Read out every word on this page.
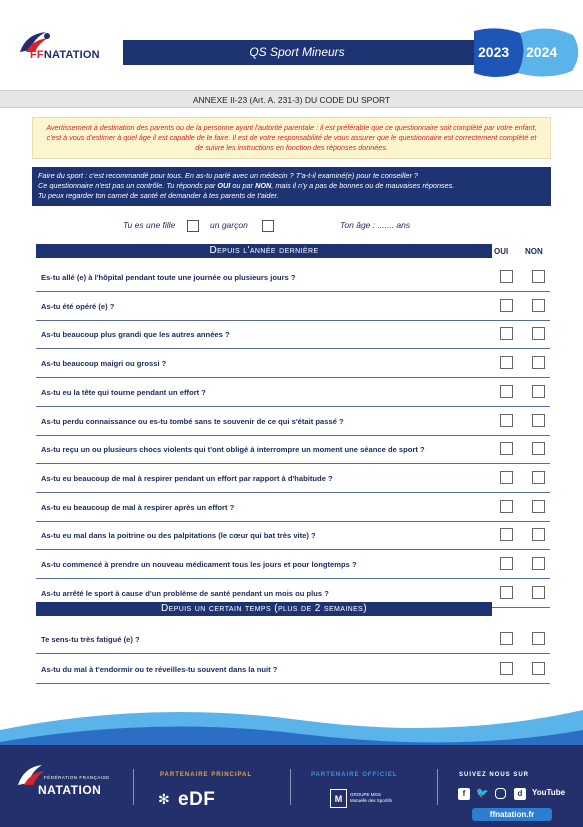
FFNATATION	QS Sport Mineurs	2023 2024
ANNEXE II-23 (Art. A. 231-3) DU CODE DU SPORT
Avertissement à destination des parents ou de la personne ayant l'autorité parentale : il est préférable que ce questionnaire soit complété par votre enfant, c'est à vous d'estimer à quel âge il est capable de le faire. Il est de votre responsabilité de vous assurer que le questionnaire est correctement complété et de suivre les instructions en fonction des réponses données.

Faire du sport : c'est recommandé pour tous. En as-tu parlé avec un médecin ? T'a-t-il examiné(e) pour te conseiller ?

Ce questionnaire n'est pas un contrôle. Tu réponds par OUI ou par NON, mais il n'y a pas de bonnes ou de mauvaises réponses.

Tu peux regarder ton carnet de santé et demander à tes parents de t'aider.

Tu es une fille	un garçon	Ton âge : ....... ans
Depuis l'année dernière	OUI NON
Es-tu allé (e) à l'hôpital pendant toute une journée ou plusieurs jours ?
As-tu été opéré (e) ?
As-tu beaucoup plus grandi que les autres années ?
As-tu beaucoup maigri ou grossi ?
As-tu eu la tête qui tourne pendant un effort ?
As-tu perdu connaissance ou es-tu tombé sans te souvenir de ce qui s'était passé ?
As-tu reçu un ou plusieurs chocs violents qui t'ont obligé à interrompre un moment une séance de sport ?
As-tu eu beaucoup de mal à respirer pendant un effort par rapport à d'habitude ?
As-tu eu beaucoup de mal à respirer après un effort ?
As-tu eu mal dans la poitrine ou des palpitations (le cœur qui bat très vite) ?
As-tu commencé à prendre un nouveau médicament tous les jours et pour longtemps ?
As-tu arrêté le sport à cause d'un problème de santé pendant un mois ou plus ?
Depuis un certain temps (plus de 2 semaines)
Te sens-tu très fatigué (e) ?
As-tu du mal à t'endormir ou te réveilles-tu souvent dans la nuit ?
FÉDÉRATION FRANÇAISE
NATATION
PARTENAIRE PRINCIPAL
✻ eDF
PARTENAIRE OFFICIEL
M	GROUPE MGS
Mutuelle des Sportifs
SUIVEZ NOUS SUR
f	🐦	d	YouTube
ffnatation.fr
